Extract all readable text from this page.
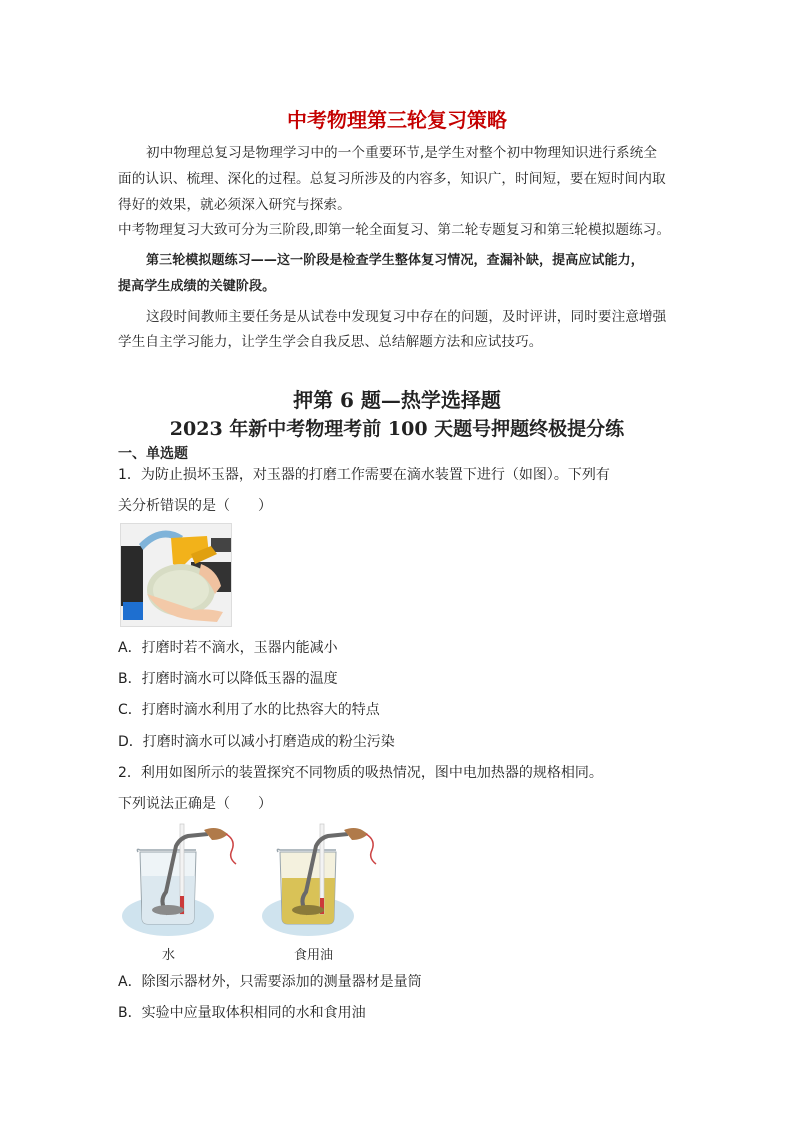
中考物理第三轮复习策略
初中物理总复习是物理学习中的一个重要环节,是学生对整个初中物理知识进行系统全
面的认识、梳理、深化的过程。总复习所涉及的内容多，知识广，时间短，要在短时间内取
得好的效果，就必须深入研究与探索。
中考物理复习大致可分为三阶段,即第一轮全面复习、第二轮专题复习和第三轮模拟题练习。
第三轮模拟题练习——这一阶段是检查学生整体复习情况，查漏补缺，提高应试能力，
提高学生成绩的关键阶段。
这段时间教师主要任务是从试卷中发现复习中存在的问题，及时评讲，同时要注意增强
学生自主学习能力，让学生学会自我反思、总结解题方法和应试技巧。
押第 6 题—热学选择题
2023 年新中考物理考前 100 天题号押题终极提分练
一、单选题
1．为防止损坏玉器，对玉器的打磨工作需要在滴水装置下进行（如图）。下列有
关分析错误的是（　　）
A．打磨时若不滴水，玉器内能减小
B．打磨时滴水可以降低玉器的温度
C．打磨时滴水利用了水的比热容大的特点
D．打磨时滴水可以减小打磨造成的粉尘污染
2．利用如图所示的装置探究不同物质的吸热情况，图中电加热器的规格相同。
下列说法正确是（　　）
水	食用油
A．除图示器材外，只需要添加的测量器材是量筒
B．实验中应量取体积相同的水和食用油
